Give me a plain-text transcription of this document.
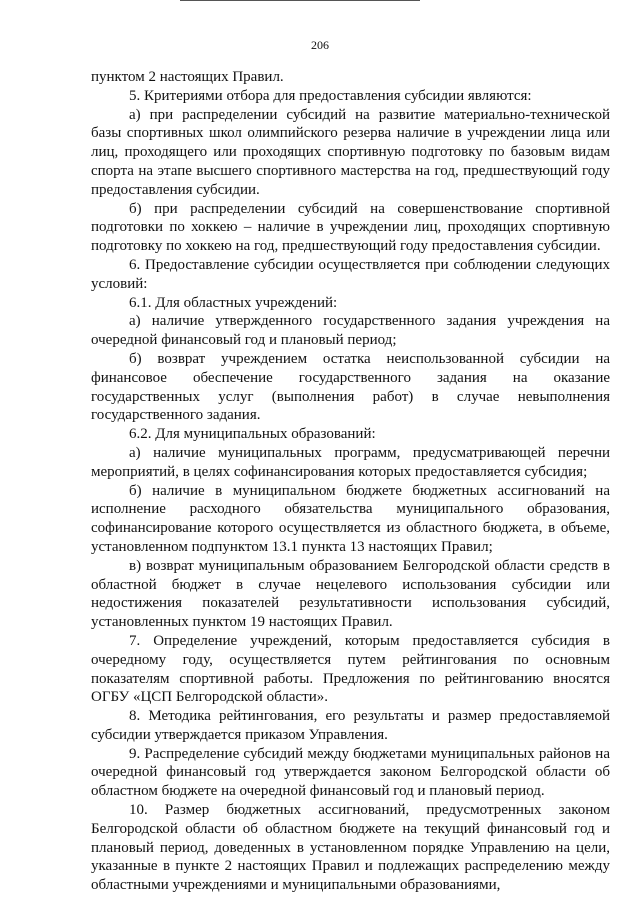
206

пунктом 2 настоящих Правил.

5. Критериями отбора для предоставления субсидии являются:

а) при распределении субсидий на развитие материально-технической базы спортивных школ олимпийского резерва наличие в учреждении лица или лиц, проходящего или проходящих спортивную подготовку по базовым видам спорта на этапе высшего спортивного мастерства на год, предшествующий году предоставления субсидии.

б) при распределении субсидий на совершенствование спортивной подготовки по хоккею – наличие в учреждении лиц, проходящих спортивную подготовку по хоккею на год, предшествующий году предоставления субсидии.

6. Предоставление субсидии осуществляется при соблюдении следующих условий:

6.1. Для областных учреждений:

а) наличие утвержденного государственного задания учреждения на очередной финансовый год и плановый период;

б) возврат учреждением остатка неиспользованной субсидии на финансовое обеспечение государственного задания на оказание государственных услуг (выполнения работ) в случае невыполнения государственного задания.

6.2. Для муниципальных образований:

а) наличие муниципальных программ, предусматривающей перечни мероприятий, в целях софинансирования которых предоставляется субсидия;

б) наличие в муниципальном бюджете бюджетных ассигнований на исполнение расходного обязательства муниципального образования, софинансирование которого осуществляется из областного бюджета, в объеме, установленном подпунктом 13.1 пункта 13 настоящих Правил;

в) возврат муниципальным образованием Белгородской области средств в областной бюджет в случае нецелевого использования субсидии или недостижения показателей результативности использования субсидий, установленных пунктом 19 настоящих Правил.

7. Определение учреждений, которым предоставляется субсидия в очередному году, осуществляется путем рейтингования по основным показателям спортивной работы. Предложения по рейтингованию вносятся ОГБУ «ЦСП Белгородской области».

8. Методика рейтингования, его результаты и размер предоставляемой субсидии утверждается приказом Управления.

9. Распределение субсидий между бюджетами муниципальных районов на очередной финансовый год утверждается законом Белгородской области об областном бюджете на очередной финансовый год и плановый период.

10. Размер бюджетных ассигнований, предусмотренных законом Белгородской области об областном бюджете на текущий финансовый год и плановый период, доведенных в установленном порядке Управлению на цели, указанные в пункте 2 настоящих Правил и подлежащих распределению между областными учреждениями и муниципальными образованиями,
